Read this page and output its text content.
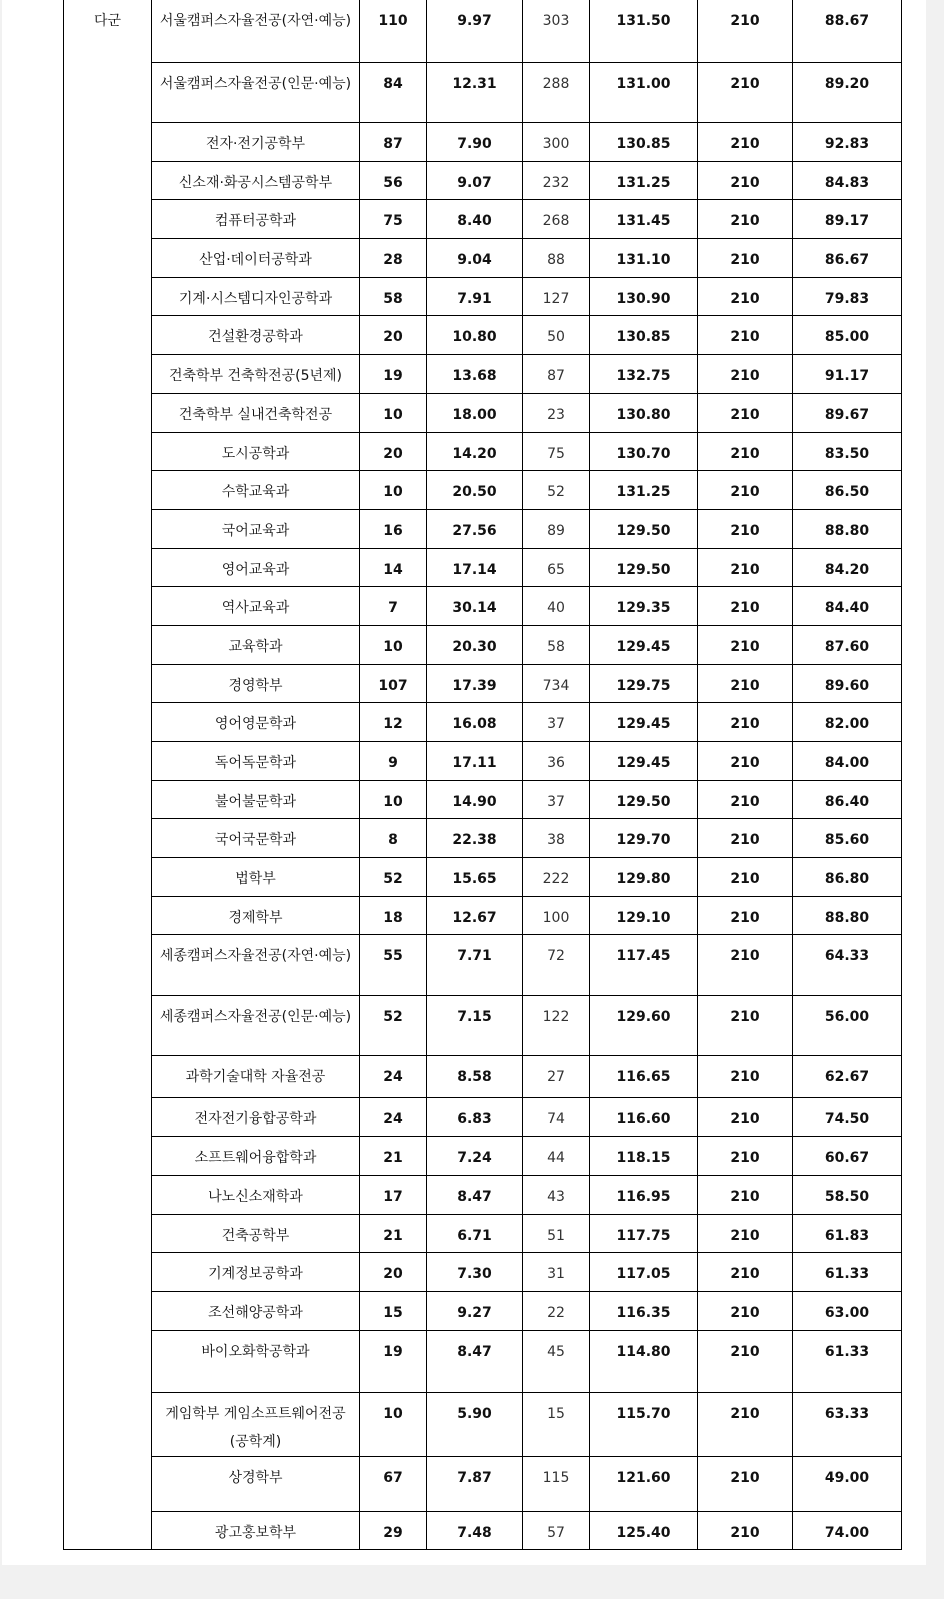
다군	서울캠퍼스자율전공(자연·예능)	110	9.97	303	131.50	210	88.67
	서울캠퍼스자율전공(인문·예능)	84	12.31	288	131.00	210	89.20
	전자·전기공학부	87	7.90	300	130.85	210	92.83
	신소재·화공시스템공학부	56	9.07	232	131.25	210	84.83
	컴퓨터공학과	75	8.40	268	131.45	210	89.17
	산업·데이터공학과	28	9.04	88	131.10	210	86.67
	기계·시스템디자인공학과	58	7.91	127	130.90	210	79.83
	건설환경공학과	20	10.80	50	130.85	210	85.00
	건축학부 건축학전공(5년제)	19	13.68	87	132.75	210	91.17
	건축학부 실내건축학전공	10	18.00	23	130.80	210	89.67
	도시공학과	20	14.20	75	130.70	210	83.50
	수학교육과	10	20.50	52	131.25	210	86.50
	국어교육과	16	27.56	89	129.50	210	88.80
	영어교육과	14	17.14	65	129.50	210	84.20
	역사교육과	7	30.14	40	129.35	210	84.40
	교육학과	10	20.30	58	129.45	210	87.60
	경영학부	107	17.39	734	129.75	210	89.60
	영어영문학과	12	16.08	37	129.45	210	82.00
	독어독문학과	9	17.11	36	129.45	210	84.00
	불어불문학과	10	14.90	37	129.50	210	86.40
	국어국문학과	8	22.38	38	129.70	210	85.60
	법학부	52	15.65	222	129.80	210	86.80
	경제학부	18	12.67	100	129.10	210	88.80
	세종캠퍼스자율전공(자연·예능)	55	7.71	72	117.45	210	64.33
	세종캠퍼스자율전공(인문·예능)	52	7.15	122	129.60	210	56.00
	과학기술대학 자율전공	24	8.58	27	116.65	210	62.67
	전자전기융합공학과	24	6.83	74	116.60	210	74.50
	소프트웨어융합학과	21	7.24	44	118.15	210	60.67
	나노신소재학과	17	8.47	43	116.95	210	58.50
	건축공학부	21	6.71	51	117.75	210	61.83
	기계정보공학과	20	7.30	31	117.05	210	61.33
	조선해양공학과	15	9.27	22	116.35	210	63.00
	바이오화학공학과	19	8.47	45	114.80	210	61.33
	게임학부 게임소프트웨어전공(공학계)	10	5.90	15	115.70	210	63.33
	상경학부	67	7.87	115	121.60	210	49.00
	광고홍보학부	29	7.48	57	125.40	210	74.00
